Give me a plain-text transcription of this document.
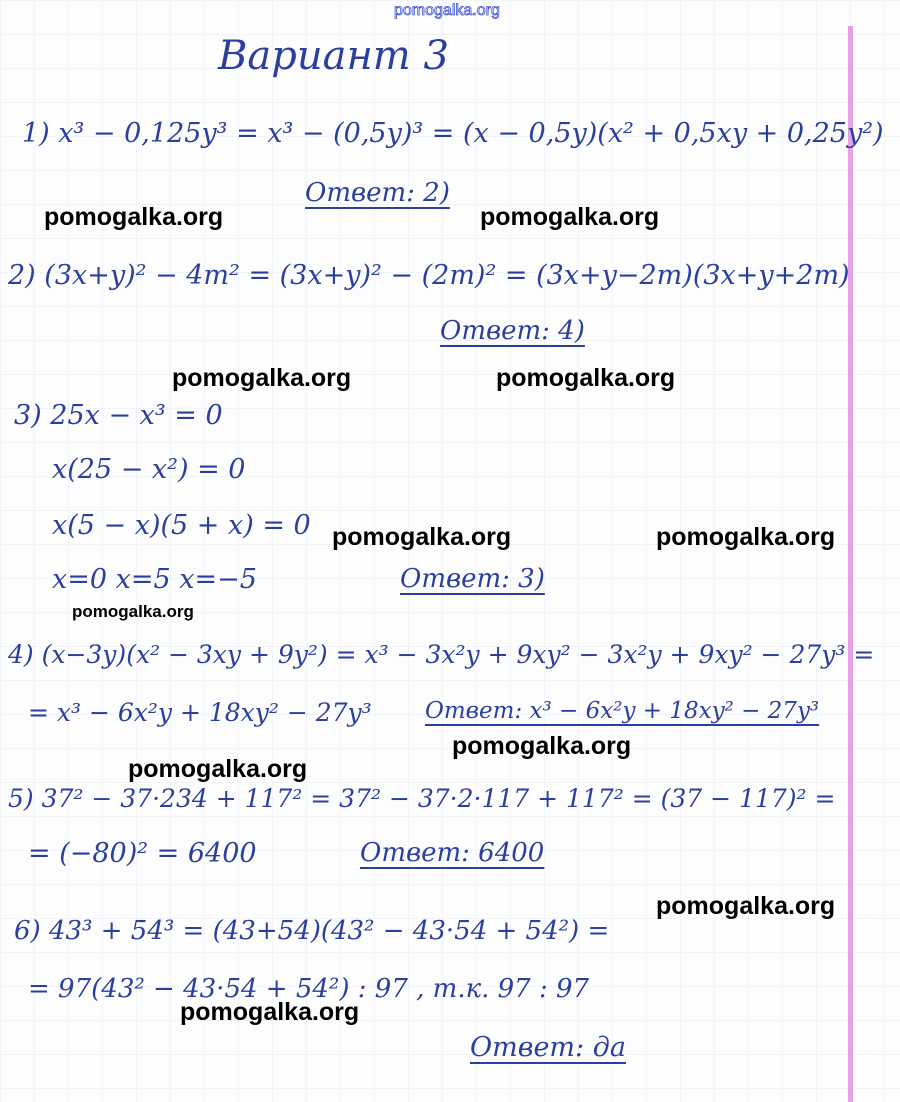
pomogalka.org
Вариант 3
1) x³ − 0,125y³ = x³ − (0,5y)³ = (x − 0,5y)(x² + 0,5xy + 0,25y²)
Ответ: 2)
2) (3x+y)² − 4m² = (3x+y)² − (2m)² = (3x+y−2m)(3x+y+2m)
Ответ: 4)
3) 25x − x³ = 0
x(25 − x²) = 0
x(5 − x)(5 + x) = 0
x=0 x=5 x=−5	Ответ: 3)
4) (x−3y)(x² − 3xy + 9y²) = x³ − 3x²y + 9xy² − 3x²y + 9xy² − 27y³ =
= x³ − 6x²y + 18xy² − 27y³ Ответ: x³ − 6x²y + 18xy² − 27y³
5) 37² − 37·234 + 117² = 37² − 37·2·117 + 117² = (37 − 117)² =
= (−80)² = 6400	Ответ: 6400
6) 43³ + 54³ = (43+54)(43² − 43·54 + 54²) =
= 97(43² − 43·54 + 54²) : 97 , т.к. 97 : 97
Ответ: да
pomogalka.org	pomogalka.org
pomogalka.org	pomogalka.org
pomogalka.org	pomogalka.org
pomogalka.org
pomogalka.org
pomogalka.org
pomogalka.org
pomogalka.org
